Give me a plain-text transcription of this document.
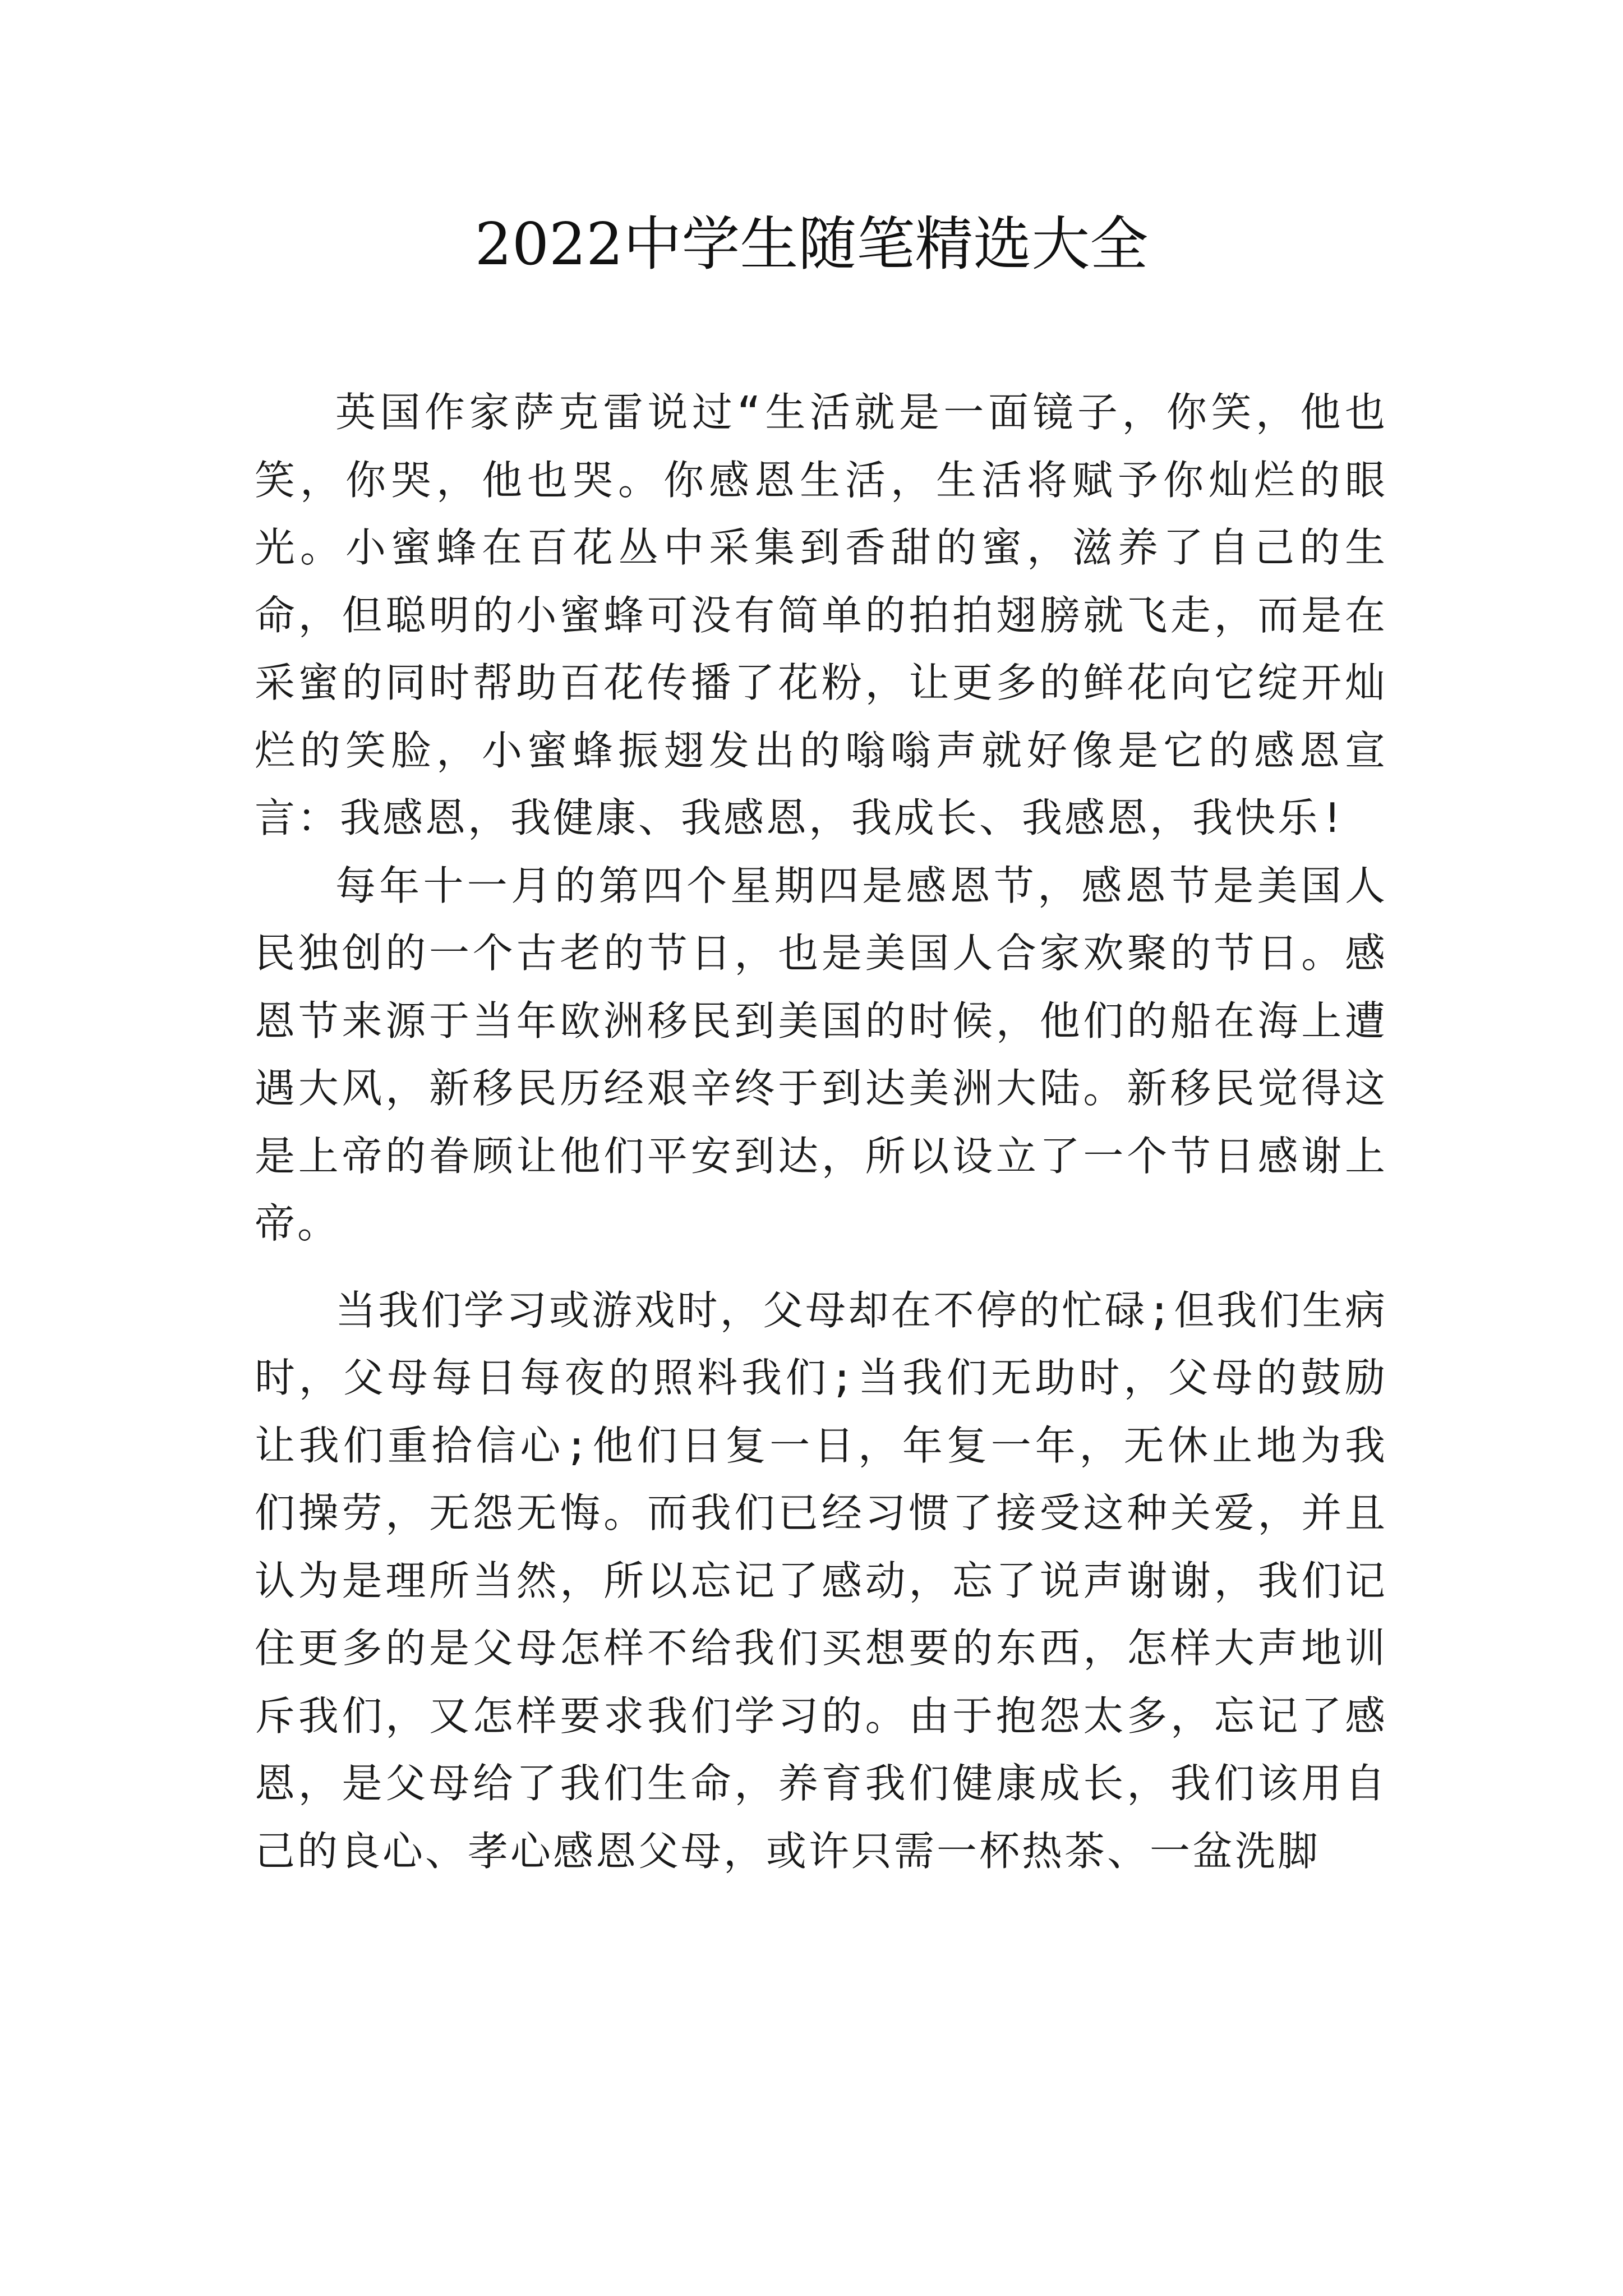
2022中学生随笔精选大全

英国作家萨克雷说过“生活就是一面镜子，你笑，他也笑，你哭，他也哭。你感恩生活，生活将赋予你灿烂的眼光。小蜜蜂在百花丛中采集到香甜的蜜，滋养了自己的生命，但聪明的小蜜蜂可没有简单的拍拍翅膀就飞走，而是在采蜜的同时帮助百花传播了花粉，让更多的鲜花向它绽开灿烂的笑脸，小蜜蜂振翅发出的嗡嗡声就好像是它的感恩宣言：我感恩，我健康、我感恩，我成长、我感恩，我快乐!

每年十一月的第四个星期四是感恩节，感恩节是美国人民独创的一个古老的节日，也是美国人合家欢聚的节日。感恩节来源于当年欧洲移民到美国的时候，他们的船在海上遭遇大风，新移民历经艰辛终于到达美洲大陆。新移民觉得这是上帝的眷顾让他们平安到达，所以设立了一个节日感谢上帝。

当我们学习或游戏时，父母却在不停的忙碌;但我们生病时，父母每日每夜的照料我们;当我们无助时，父母的鼓励让我们重拾信心;他们日复一日，年复一年，无休止地为我们操劳，无怨无悔。而我们已经习惯了接受这种关爱，并且认为是理所当然，所以忘记了感动，忘了说声谢谢，我们记住更多的是父母怎样不给我们买想要的东西，怎样大声地训斥我们，又怎样要求我们学习的。由于抱怨太多，忘记了感恩，是父母给了我们生命，养育我们健康成长，我们该用自己的良心、孝心感恩父母，或许只需一杯热茶、一盆洗脚
